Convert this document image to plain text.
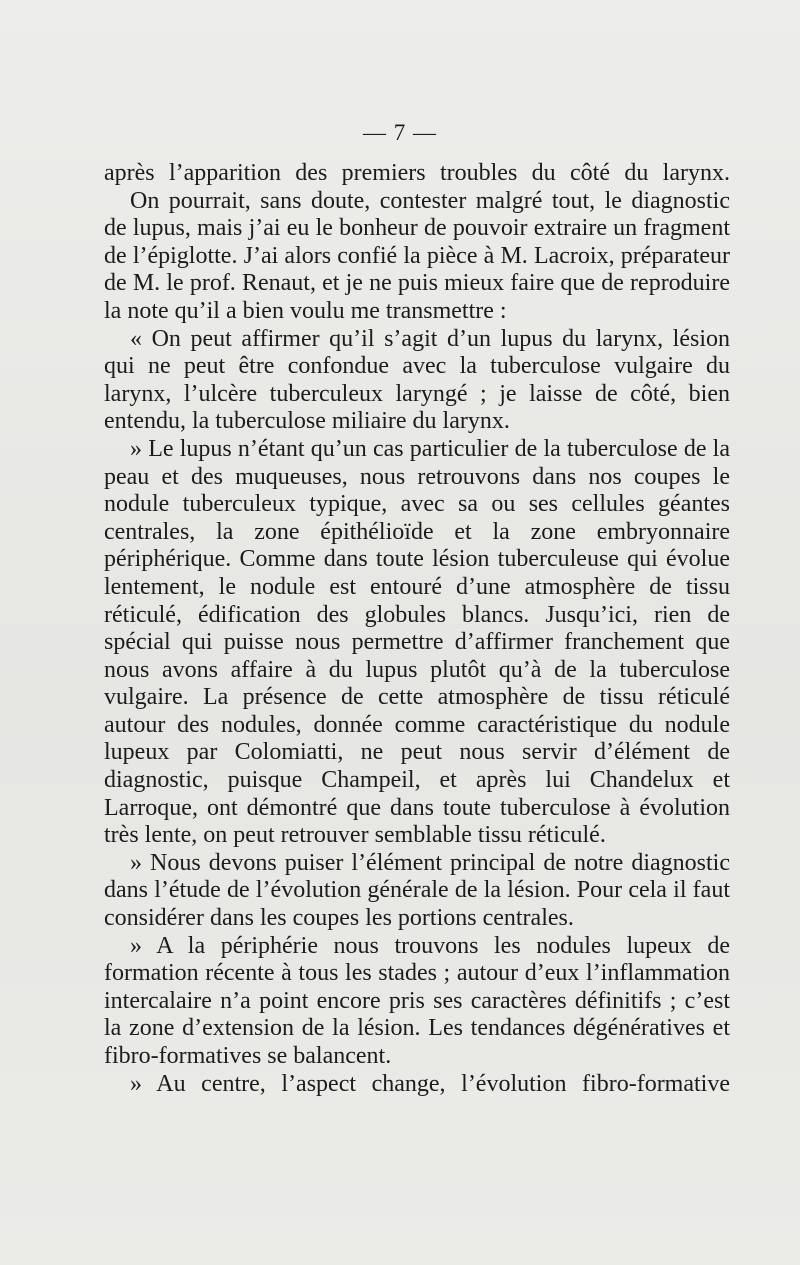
— 7 —

après l’apparition des premiers troubles du côté du larynx.

On pourrait, sans doute, contester malgré tout, le diagnostic de lupus, mais j’ai eu le bonheur de pouvoir extraire un fragment de l’épiglotte. J’ai alors confié la pièce à M. Lacroix, préparateur de M. le prof. Renaut, et je ne puis mieux faire que de reproduire la note qu’il a bien voulu me transmettre :

« On peut affirmer qu’il s’agit d’un lupus du larynx, lésion qui ne peut être confondue avec la tuberculose vulgaire du larynx, l’ulcère tuberculeux laryngé ; je laisse de côté, bien entendu, la tuberculose miliaire du larynx.

» Le lupus n’étant qu’un cas particulier de la tuberculose de la peau et des muqueuses, nous retrouvons dans nos coupes le nodule tuberculeux typique, avec sa ou ses cellules géantes centrales, la zone épithélioïde et la zone embryonnaire périphérique. Comme dans toute lésion tuberculeuse qui évolue lentement, le nodule est entouré d’une atmosphère de tissu réticulé, édification des globules blancs. Jusqu’ici, rien de spécial qui puisse nous permettre d’affirmer franchement que nous avons affaire à du lupus plutôt qu’à de la tuberculose vulgaire. La présence de cette atmosphère de tissu réticulé autour des nodules, donnée comme caractéristique du nodule lupeux par Colomiatti, ne peut nous servir d’élément de diagnostic, puisque Champeil, et après lui Chandelux et Larroque, ont démontré que dans toute tuberculose à évolution très lente, on peut retrouver semblable tissu réticulé.

» Nous devons puiser l’élément principal de notre diagnostic dans l’étude de l’évolution générale de la lésion. Pour cela il faut considérer dans les coupes les portions centrales.

» A la périphérie nous trouvons les nodules lupeux de formation récente à tous les stades ; autour d’eux l’inflammation intercalaire n’a point encore pris ses caractères définitifs ; c’est la zone d’extension de la lésion. Les tendances dégénératives et fibro-formatives se balancent.

» Au centre, l’aspect change, l’évolution fibro-formative
